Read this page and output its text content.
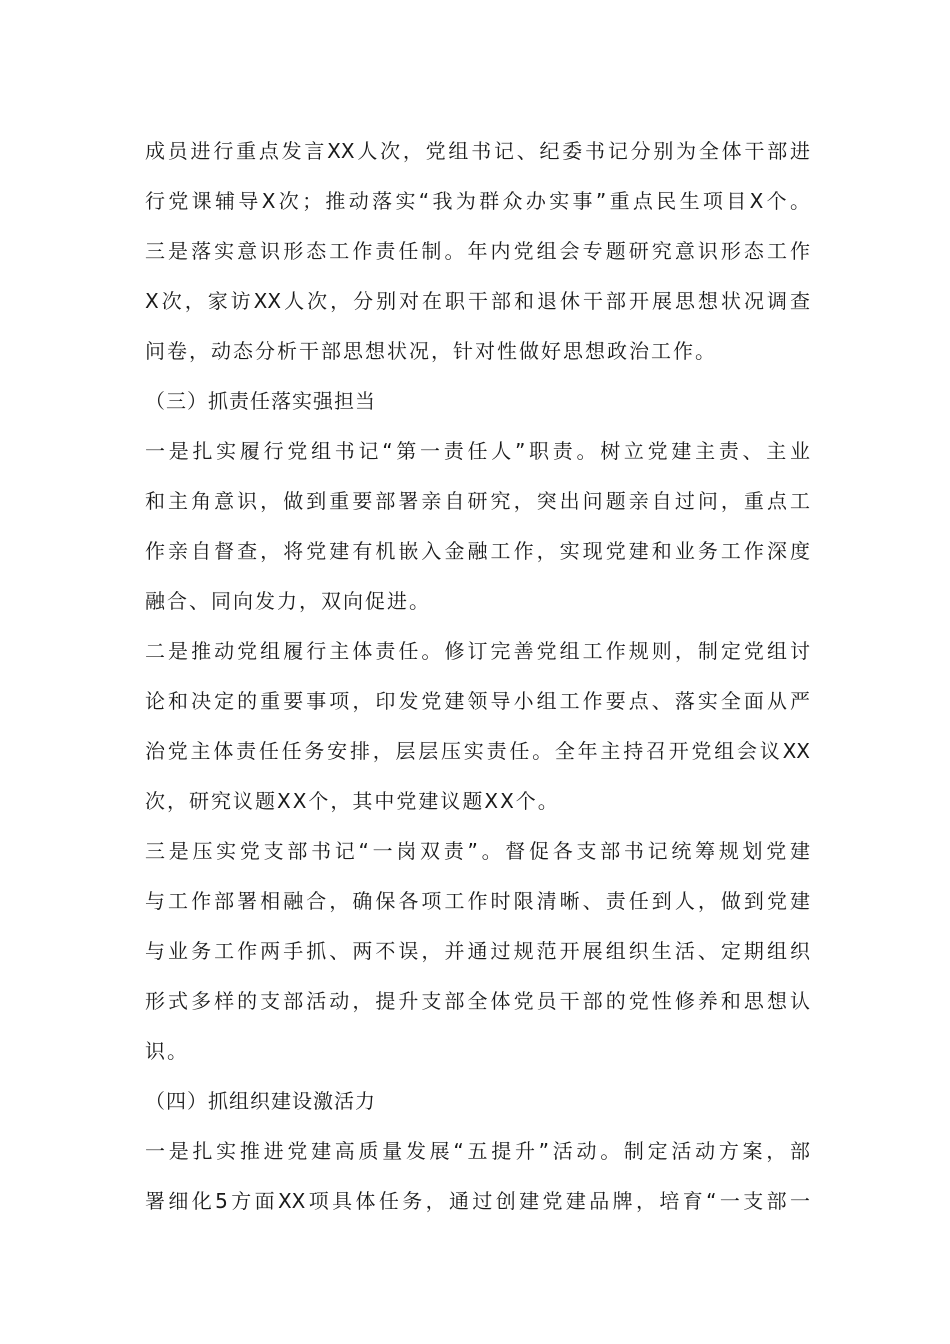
成员进行重点发言XX人次，党组书记、纪委书记分别为全体干部进
行党课辅导X次；推动落实“我为群众办实事”重点民生项目X个。
三是落实意识形态工作责任制。年内党组会专题研究意识形态工作
X次，家访XX人次，分别对在职干部和退休干部开展思想状况调查
问卷，动态分析干部思想状况，针对性做好思想政治工作。
（三）抓责任落实强担当
一是扎实履行党组书记“第一责任人”职责。树立党建主责、主业
和主角意识，做到重要部署亲自研究，突出问题亲自过问，重点工
作亲自督查，将党建有机嵌入金融工作，实现党建和业务工作深度
融合、同向发力，双向促进。
二是推动党组履行主体责任。修订完善党组工作规则，制定党组讨
论和决定的重要事项，印发党建领导小组工作要点、落实全面从严
治党主体责任任务安排，层层压实责任。全年主持召开党组会议XX
次，研究议题XX个，其中党建议题XX个。
三是压实党支部书记“一岗双责”。督促各支部书记统筹规划党建
与工作部署相融合，确保各项工作时限清晰、责任到人，做到党建
与业务工作两手抓、两不误，并通过规范开展组织生活、定期组织
形式多样的支部活动，提升支部全体党员干部的党性修养和思想认
识。
（四）抓组织建设激活力
一是扎实推进党建高质量发展“五提升”活动。制定活动方案，部
署细化5方面XX项具体任务，通过创建党建品牌，培育“一支部一
